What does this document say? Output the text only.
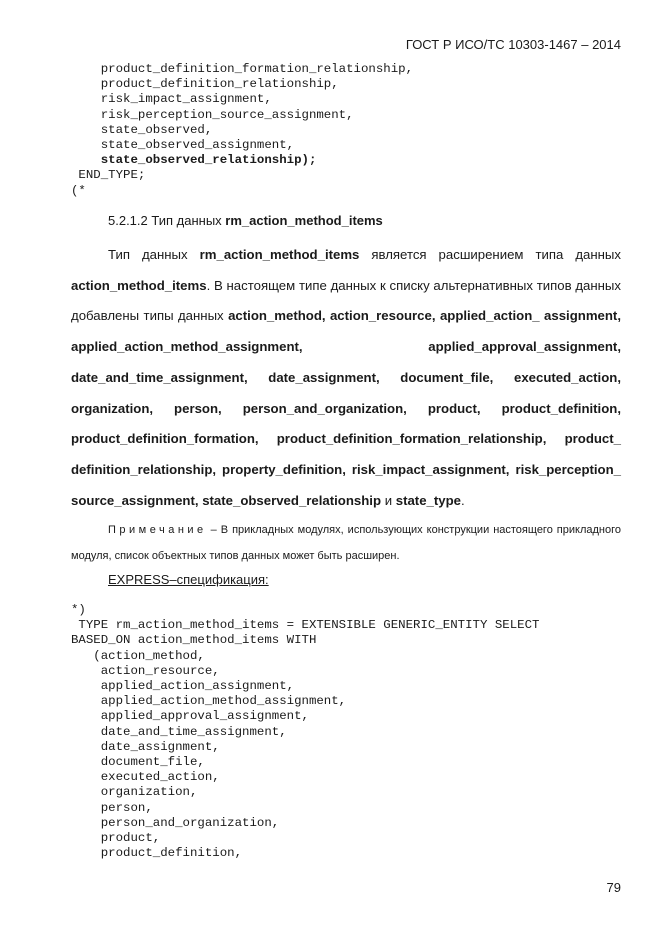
ГОСТ Р ИСО/ТС 10303-1467 – 2014
product_definition_formation_relationship,
product_definition_relationship,
risk_impact_assignment,
risk_perception_source_assignment,
state_observed,
state_observed_assignment,
state_observed_relationship);
END_TYPE;
(*
5.2.1.2 Тип данных rm_action_method_items

Тип данных rm_action_method_items является расширением типа данных action_method_items. В настоящем типе данных к списку альтернативных типов данных добавлены типы данных action_method, action_resource, applied_action_ assignment, applied_action_method_assignment, applied_approval_assignment, date_and_time_assignment, date_assignment, document_file, executed_action, organization, person, person_and_organization, product, product_definition, product_definition_formation, product_definition_formation_relationship, product_ definition_relationship, property_definition, risk_impact_assignment, risk_perception_ source_assignment, state_observed_relationship и state_type.

Примечание – В прикладных модулях, использующих конструкции настоящего прикладного модуля, список объектных типов данных может быть расширен.

EXPRESS–спецификация:
*)
TYPE rm_action_method_items = EXTENSIBLE GENERIC_ENTITY SELECT
BASED_ON action_method_items WITH
(action_method,
action_resource,
applied_action_assignment,
applied_action_method_assignment,
applied_approval_assignment,
date_and_time_assignment,
date_assignment,
document_file,
executed_action,
organization,
person,
person_and_organization,
product,
product_definition,
79
